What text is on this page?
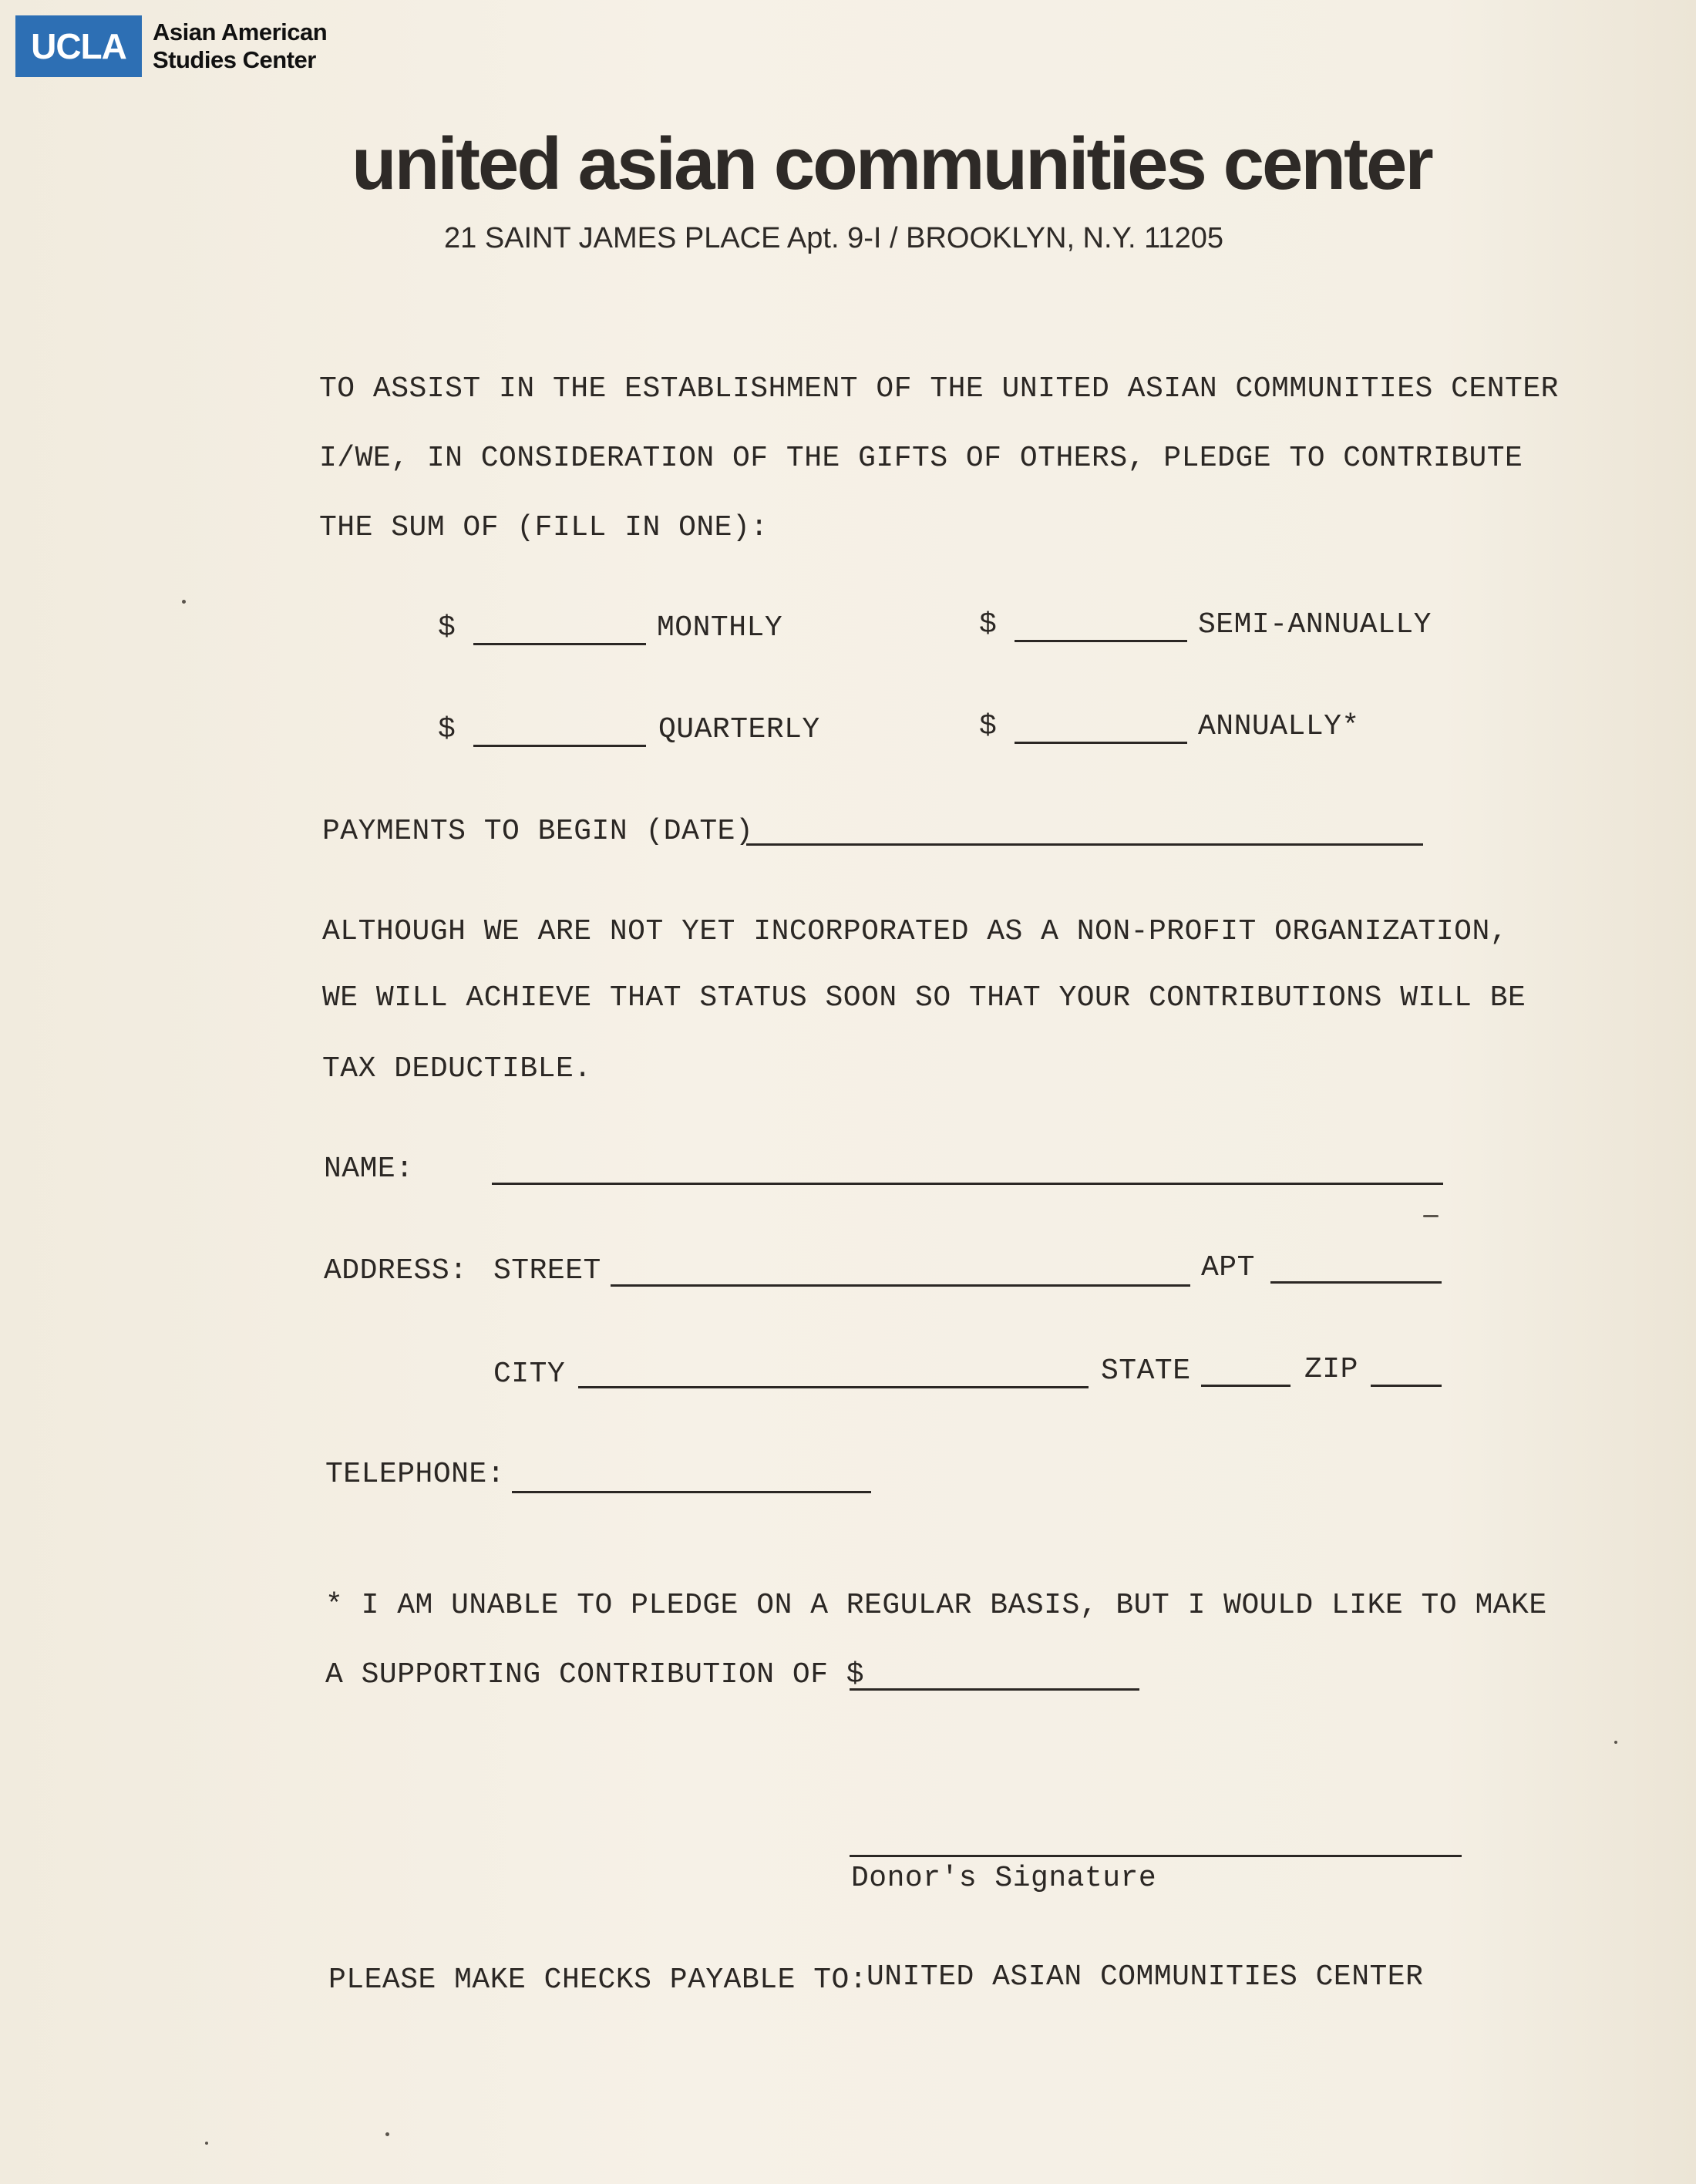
UCLA	Asian American
Studies Center
united asian communities center
21 SAINT JAMES PLACE Apt. 9-I / BROOKLYN, N.Y. 11205
TO ASSIST IN THE ESTABLISHMENT OF THE UNITED ASIAN COMMUNITIES CENTER
I/WE, IN CONSIDERATION OF THE GIFTS OF OTHERS, PLEDGE TO CONTRIBUTE
THE SUM OF (FILL IN ONE):
$	MONTHLY	$	SEMI-ANNUALLY
$	QUARTERLY	$	ANNUALLY*
PAYMENTS TO BEGIN (DATE)
ALTHOUGH WE ARE NOT YET INCORPORATED AS A NON-PROFIT ORGANIZATION,
WE WILL ACHIEVE THAT STATUS SOON SO THAT YOUR CONTRIBUTIONS WILL BE
TAX DEDUCTIBLE.
NAME:
ADDRESS: STREET	APT
CITY	STATE	ZIP
TELEPHONE:
* I AM UNABLE TO PLEDGE ON A REGULAR BASIS, BUT I WOULD LIKE TO MAKE
A SUPPORTING CONTRIBUTION OF $
Donor's Signature
PLEASE MAKE CHECKS PAYABLE TO:
UNITED ASIAN COMMUNITIES CENTER
